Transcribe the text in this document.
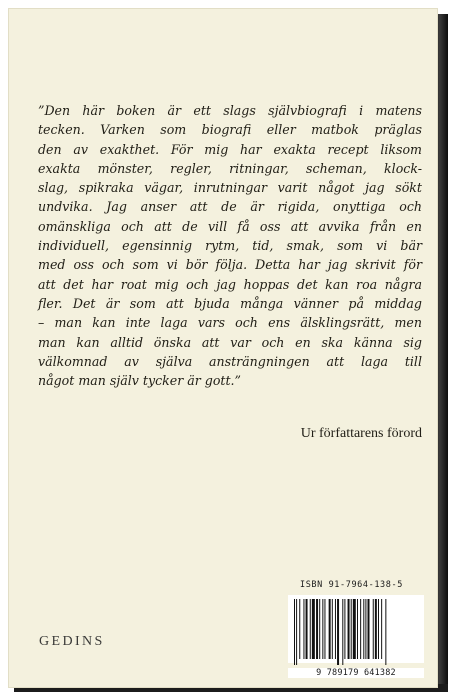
”Den här boken är ett slags självbiografi i matens
tecken. Varken som biografi eller matbok präglas
den av exakthet. För mig har exakta recept liksom
exakta mönster, regler, ritningar, scheman, klock-
slag, spikraka vägar, inrutningar varit något jag sökt
undvika. Jag anser att de är rigida, onyttiga och
omänskliga och att de vill få oss att avvika från en
individuell, egensinnig rytm, tid, smak, som vi bär
med oss och som vi bör följa. Detta har jag skrivit för
att det har roat mig och jag hoppas det kan roa några
fler. Det är som att bjuda många vänner på middag
– man kan inte laga vars och ens älsklingsrätt, men
man kan alltid önska att var och en ska känna sig
välkomnad av själva ansträngningen att laga till
något man själv tycker är gott.”

Ur författarens förord
GEDINS
ISBN 91-7964-138-5
9 789179 641382
